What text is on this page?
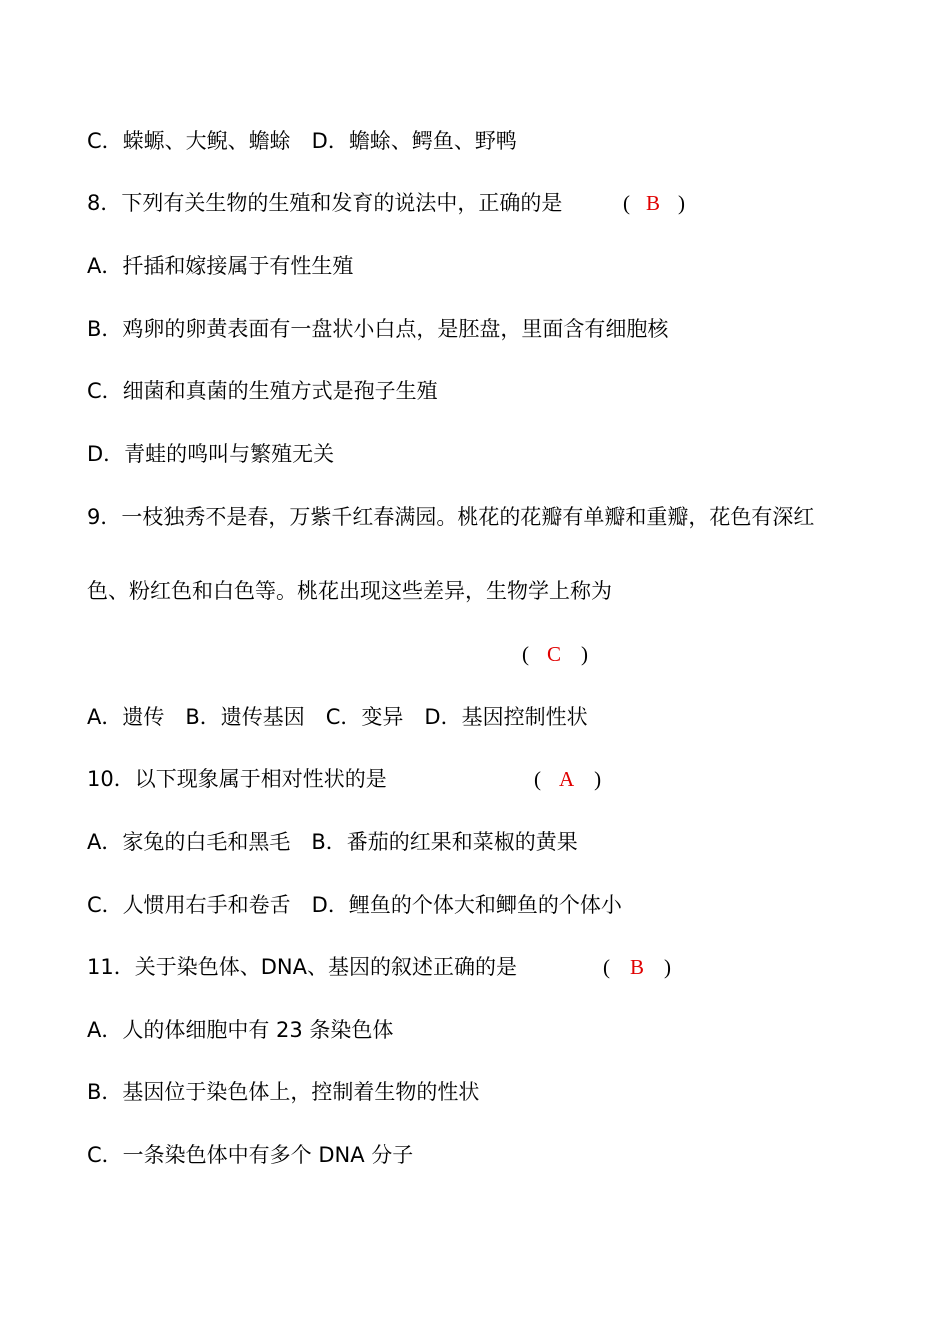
C．蝾螈、大鲵、蟾蜍　D．蟾蜍、鳄鱼、野鸭
8．下列有关生物的生殖和发育的说法中，正确的是	( B )
A．扦插和嫁接属于有性生殖
B．鸡卵的卵黄表面有一盘状小白点，是胚盘，里面含有细胞核
C．细菌和真菌的生殖方式是孢子生殖
D．青蛙的鸣叫与繁殖无关
9．一枝独秀不是春，万紫千红春满园。桃花的花瓣有单瓣和重瓣，花色有深红
色、粉红色和白色等。桃花出现这些差异，生物学上称为
( C )
A．遗传　B．遗传基因　C．变异　D．基因控制性状
10．以下现象属于相对性状的是	( A )
A．家兔的白毛和黑毛　B．番茄的红果和菜椒的黄果
C．人惯用右手和卷舌　D．鲤鱼的个体大和鲫鱼的个体小
11．关于染色体、DNA、基因的叙述正确的是	( B )
A．人的体细胞中有 23 条染色体
B．基因位于染色体上，控制着生物的性状
C．一条染色体中有多个 DNA 分子
